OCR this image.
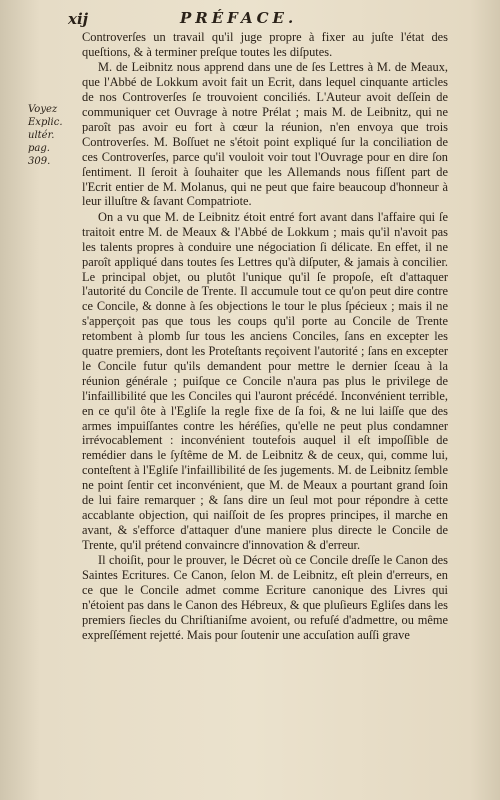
xij	PRÉFACE.
Voyez Explic. ultér. pag. 309.

Controverſes un travail qu'il juge propre à fixer au juſte l'état des queſtions, & à terminer preſque toutes les diſputes.

M. de Leibnitz nous apprend dans une de ſes Lettres à M. de Meaux, que l'Abbé de Lokkum avoit fait un Ecrit, dans lequel cinquante articles de nos Controverſes ſe trouvoient conciliés. L'Auteur avoit deſſein de communiquer cet Ouvrage à notre Prélat ; mais M. de Leibnitz, qui ne paroît pas avoir eu fort à cœur la réunion, n'en envoya que trois Controverſes. M. Boſſuet ne s'étoit point expliqué ſur la conciliation de ces Controverſes, parce qu'il vouloit voir tout l'Ouvrage pour en dire ſon ſentiment. Il ſeroit à ſouhaiter que les Allemands nous fiſſent part de l'Ecrit entier de M. Molanus, qui ne peut que faire beaucoup d'honneur à leur illuſtre & ſavant Compatriote.

On a vu que M. de Leibnitz étoit entré fort avant dans l'affaire qui ſe traitoit entre M. de Meaux & l'Abbé de Lokkum ; mais qu'il n'avoit pas les talents propres à conduire une négociation ſi délicate. En effet, il ne paroît appliqué dans toutes ſes Lettres qu'à diſputer, & jamais à concilier. Le principal objet, ou plutôt l'unique qu'il ſe propoſe, eſt d'attaquer l'autorité du Concile de Trente. Il accumule tout ce qu'on peut dire contre ce Concile, & donne à ſes objections le tour le plus ſpécieux ; mais il ne s'apperçoit pas que tous les coups qu'il porte au Concile de Trente retombent à plomb ſur tous les anciens Conciles, ſans en excepter les quatre premiers, dont les Proteſtants reçoivent l'autorité ; ſans en excepter le Concile futur qu'ils demandent pour mettre le dernier ſceau à la réunion générale ; puiſque ce Concile n'aura pas plus le privilege de l'infaillibilité que les Conciles qui l'auront précédé. Inconvénient terrible, en ce qu'il ôte à l'Egliſe la regle fixe de ſa foi, & ne lui laiſſe que des armes impuiſſantes contre les héréſies, qu'elle ne peut plus condamner irrévocablement : inconvénient toutefois auquel il eſt impoſſible de remédier dans le ſyſtême de M. de Leibnitz & de ceux, qui, comme lui, conteſtent à l'Egliſe l'infaillibilité de ſes jugements. M. de Leibnitz ſemble ne point ſentir cet inconvénient, que M. de Meaux a pourtant grand ſoin de lui faire remarquer ; & ſans dire un ſeul mot pour répondre à cette accablante objection, qui naiſſoit de ſes propres principes, il marche en avant, & s'efforce d'attaquer d'une maniere plus directe le Concile de Trente, qu'il prétend convaincre d'innovation & d'erreur.

Il choiſit, pour le prouver, le Décret où ce Concile dreſſe le Canon des Saintes Ecritures. Ce Canon, ſelon M. de Leibnitz, eſt plein d'erreurs, en ce que le Concile admet comme Ecriture canonique des Livres qui n'étoient pas dans le Canon des Hébreux, & que pluſieurs Egliſes dans les premiers ſiecles du Chriſtianiſme avoient, ou refuſé d'admettre, ou même expreſſément rejetté. Mais pour ſoutenir une accuſation auſſi grave
